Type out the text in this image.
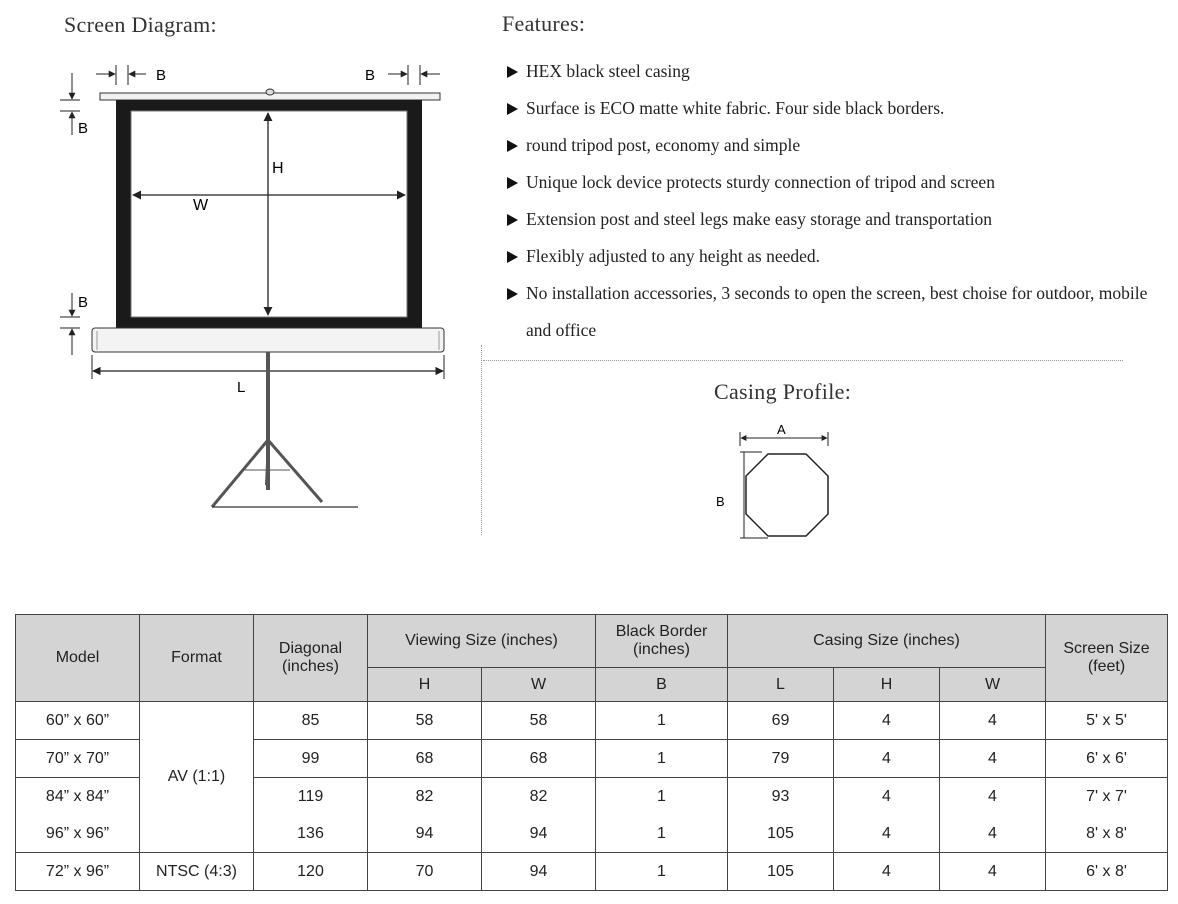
Screen Diagram:	Features:
Casing Profile:
H
W
L
B	B
B
B
HEX black steel casing
Surface is ECO matte white fabric. Four side black borders.
round tripod post, economy and simple
Unique lock device protects sturdy connection of tripod and screen
Extension post and steel legs make easy storage and transportation
Flexibly adjusted to any height as needed.
No installation accessories, 3 seconds to open the screen, best choise for outdoor, mobile and office
A
B
Model	Format	Diagonal (inches)	Viewing Size (inches)		Black Border (inches)	Casing Size (inches)			Screen Size (feet)
			H	W	B	L	H	W	
60” x 60”	AV (1:1)	85	58	58	1	69	4	4	5' x 5'
70” x 70”		99	68	68	1	79	4	4	6' x 6'
84” x 84”		119	82	82	1	93	4	4	7' x 7'
96” x 96”		136	94	94	1	105	4	4	8' x 8'
72” x 96”	NTSC (4:3)	120	70	94	1	105	4	4	6' x 8'
